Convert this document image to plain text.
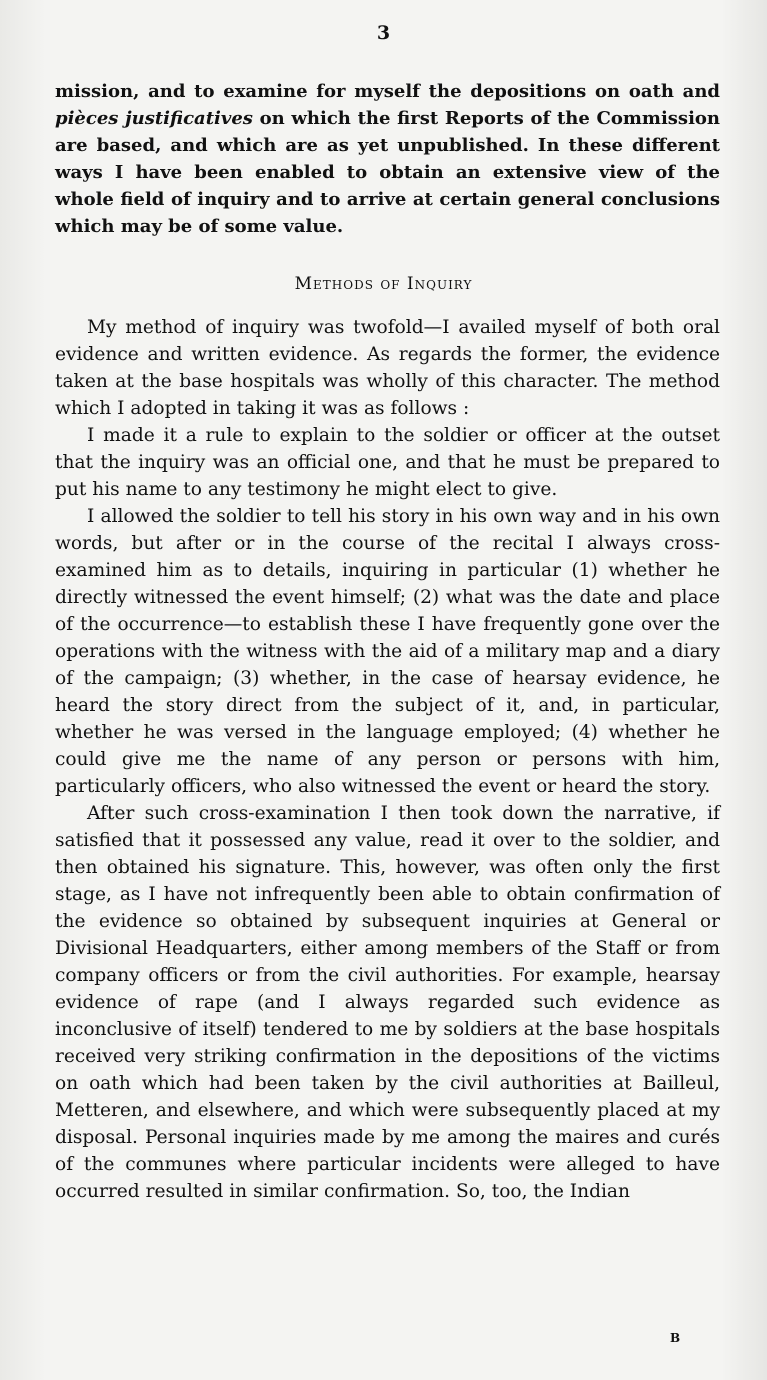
3

mission, and to examine for myself the depositions on oath and pièces justificatives on which the first Reports of the Commission are based, and which are as yet unpublished. In these different ways I have been enabled to obtain an extensive view of the whole field of inquiry and to arrive at certain general conclusions which may be of some value.

Methods of Inquiry

My method of inquiry was twofold—I availed myself of both oral evidence and written evidence. As regards the former, the evidence taken at the base hospitals was wholly of this character. The method which I adopted in taking it was as follows :

I made it a rule to explain to the soldier or officer at the outset that the inquiry was an official one, and that he must be prepared to put his name to any testimony he might elect to give.

I allowed the soldier to tell his story in his own way and in his own words, but after or in the course of the recital I always cross-examined him as to details, inquiring in particular (1) whether he directly witnessed the event himself; (2) what was the date and place of the occurrence—to establish these I have frequently gone over the operations with the witness with the aid of a military map and a diary of the campaign; (3) whether, in the case of hearsay evidence, he heard the story direct from the subject of it, and, in particular, whether he was versed in the language employed; (4) whether he could give me the name of any person or persons with him, particularly officers, who also witnessed the event or heard the story.

After such cross-examination I then took down the narrative, if satisfied that it possessed any value, read it over to the soldier, and then obtained his signature. This, however, was often only the first stage, as I have not infrequently been able to obtain confirmation of the evidence so obtained by subsequent inquiries at General or Divisional Headquarters, either among members of the Staff or from company officers or from the civil authorities. For example, hearsay evidence of rape (and I always regarded such evidence as inconclusive of itself) tendered to me by soldiers at the base hospitals received very striking confirmation in the depositions of the victims on oath which had been taken by the civil authorities at Bailleul, Metteren, and elsewhere, and which were subsequently placed at my disposal. Personal inquiries made by me among the maires and curés of the communes where particular incidents were alleged to have occurred resulted in similar confirmation. So, too, the Indian

B
